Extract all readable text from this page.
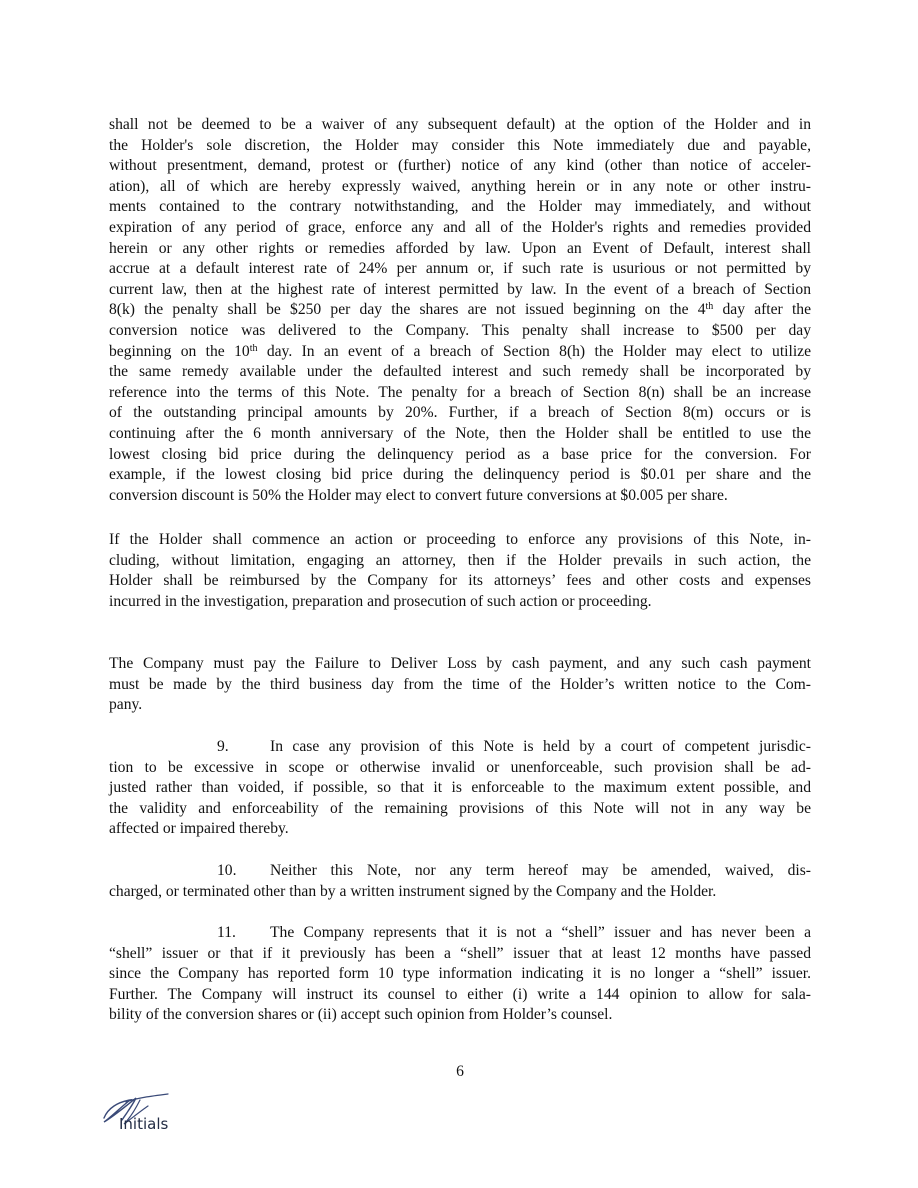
shall not be deemed to be a waiver of any subsequent default) at the option of the Holder and in
the Holder's sole discretion, the Holder may consider this Note immediately due and payable,
without presentment, demand, protest or (further) notice of any kind (other than notice of acceler-
ation), all of which are hereby expressly waived, anything herein or in any note or other instru-
ments contained to the contrary notwithstanding, and the Holder may immediately, and without
expiration of any period of grace, enforce any and all of the Holder's rights and remedies provided
herein or any other rights or remedies afforded by law. Upon an Event of Default, interest shall
accrue at a default interest rate of 24% per annum or, if such rate is usurious or not permitted by
current law, then at the highest rate of interest permitted by law. In the event of a breach of Section
8(k) the penalty shall be $250 per day the shares are not issued beginning on the 4th day after the
conversion notice was delivered to the Company. This penalty shall increase to $500 per day
beginning on the 10th day. In an event of a breach of Section 8(h) the Holder may elect to utilize
the same remedy available under the defaulted interest and such remedy shall be incorporated by
reference into the terms of this Note. The penalty for a breach of Section 8(n) shall be an increase
of the outstanding principal amounts by 20%. Further, if a breach of Section 8(m) occurs or is
continuing after the 6 month anniversary of the Note, then the Holder shall be entitled to use the
lowest closing bid price during the delinquency period as a base price for the conversion. For
example, if the lowest closing bid price during the delinquency period is $0.01 per share and the
conversion discount is 50% the Holder may elect to convert future conversions at $0.005 per share.
If the Holder shall commence an action or proceeding to enforce any provisions of this Note, in-
cluding, without limitation, engaging an attorney, then if the Holder prevails in such action, the
Holder shall be reimbursed by the Company for its attorneys’ fees and other costs and expenses
incurred in the investigation, preparation and prosecution of such action or proceeding.
The Company must pay the Failure to Deliver Loss by cash payment, and any such cash payment
must be made by the third business day from the time of the Holder’s written notice to the Com-
pany.
9.	In case any provision of this Note is held by a court of competent jurisdic-
tion to be excessive in scope or otherwise invalid or unenforceable, such provision shall be ad-
justed rather than voided, if possible, so that it is enforceable to the maximum extent possible, and
the validity and enforceability of the remaining provisions of this Note will not in any way be
affected or impaired thereby.
10. Neither this Note, nor any term hereof may be amended, waived, dis-
charged, or terminated other than by a written instrument signed by the Company and the Holder.
11. The Company represents that it is not a “shell” issuer and has never been a
“shell” issuer or that if it previously has been a “shell” issuer that at least 12 months have passed
since the Company has reported form 10 type information indicating it is no longer a “shell” issuer.
Further. The Company will instruct its counsel to either (i) write a 144 opinion to allow for sala-
bility of the conversion shares or (ii) accept such opinion from Holder’s counsel.
6
Initials
